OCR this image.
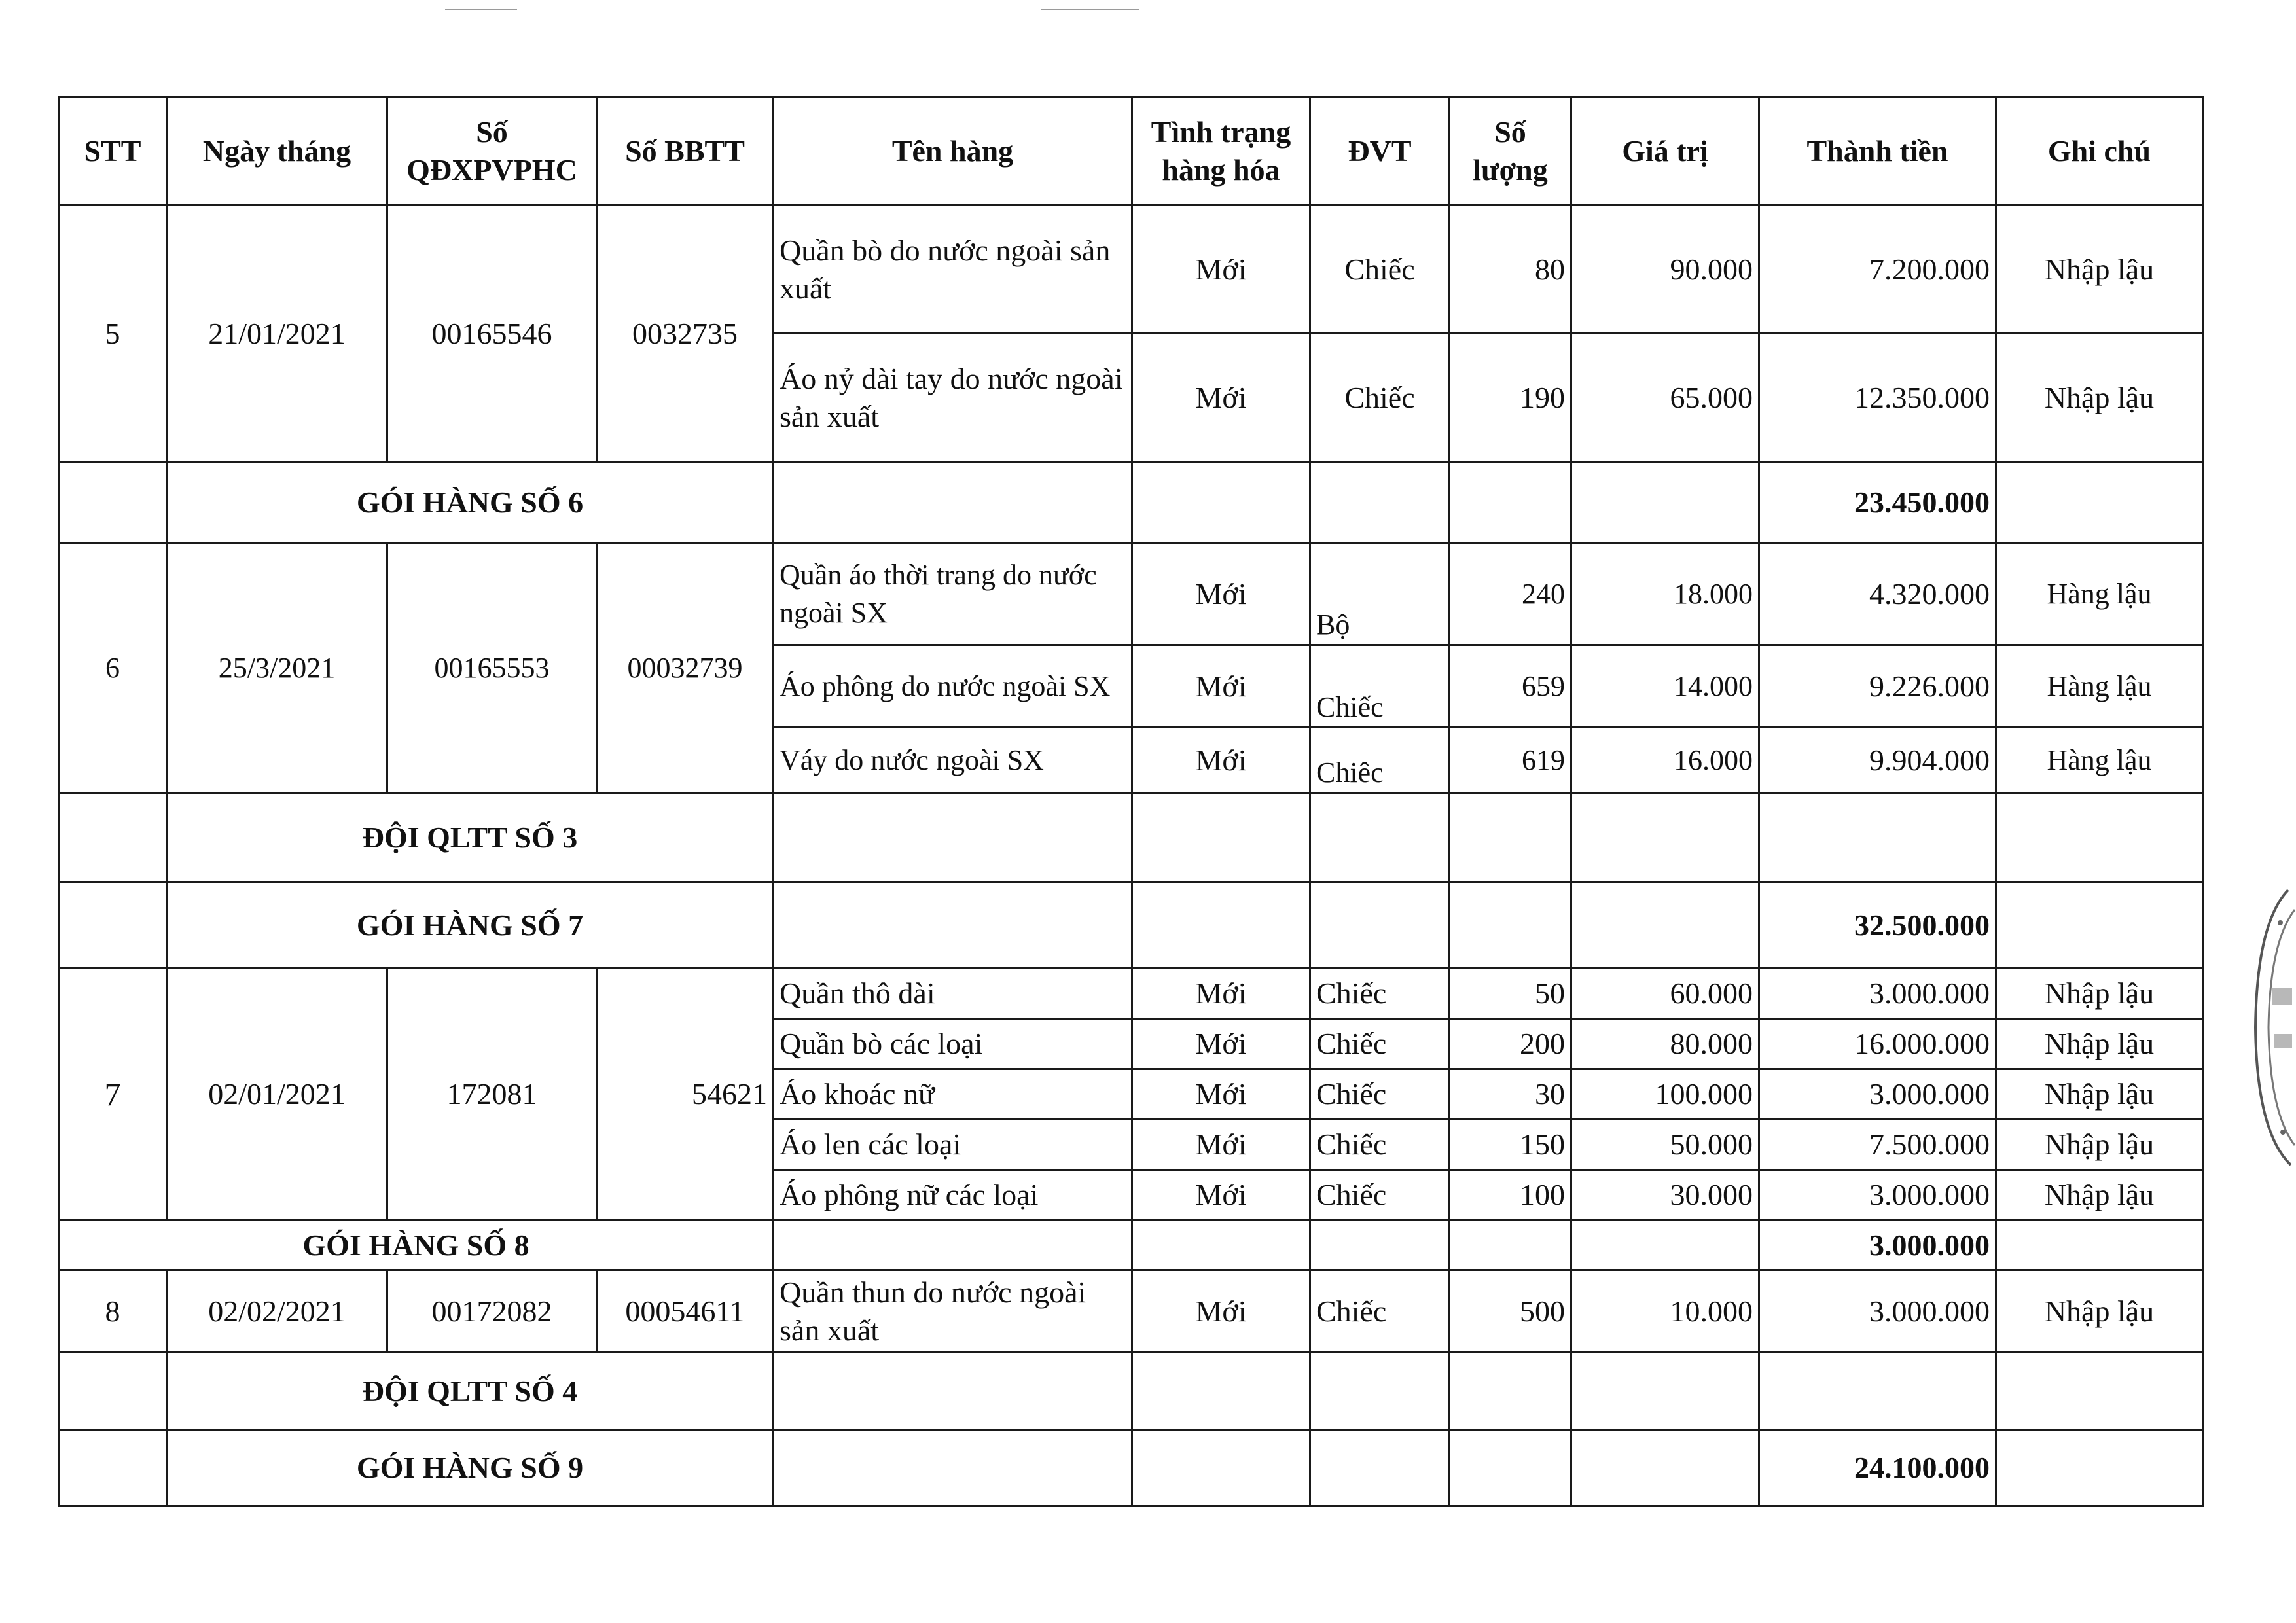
STT	Ngày tháng	Số QĐXPVPHC	Số BBTT	Tên hàng	Tình trạng hàng hóa	ĐVT	Số lượng	Giá trị	Thành tiền	Ghi chú
5	21/01/2021	00165546	0032735	Quần bò do nước ngoài sản xuất	Mới	Chiếc	80	90.000	7.200.000	Nhập lậu
				Áo nỷ dài tay do nước ngoài sản xuất	Mới	Chiếc	190	65.000	12.350.000	Nhập lậu
	GÓI HÀNG SỐ 6								23.450.000	
6	25/3/2021	00165553	00032739	Quần áo thời trang do nước ngoài SX	Mới	Bộ	240	18.000	4.320.000	Hàng lậu
				Áo phông do nước ngoài SX	Mới	Chiếc	659	14.000	9.226.000	Hàng lậu
				Váy do nước ngoài SX	Mới	Chiêc	619	16.000	9.904.000	Hàng lậu
	ĐỘI QLTT SỐ 3									
	GÓI HÀNG SỐ 7								32.500.000	
7	02/01/2021	172081	54621	Quần thô dài	Mới	Chiếc	50	60.000	3.000.000	Nhập lậu
				Quần bò các loại	Mới	Chiếc	200	80.000	16.000.000	Nhập lậu
				Áo khoác nữ	Mới	Chiếc	30	100.000	3.000.000	Nhập lậu
				Áo len các loại	Mới	Chiếc	150	50.000	7.500.000	Nhập lậu
				Áo phông nữ các loại	Mới	Chiếc	100	30.000	3.000.000	Nhập lậu
GÓI HÀNG SỐ 8									3.000.000	
8	02/02/2021	00172082	00054611	Quần thun do nước ngoài sản xuất	Mới	Chiếc	500	10.000	3.000.000	Nhập lậu
	ĐỘI QLTT SỐ 4									
	GÓI HÀNG SỐ 9								24.100.000	
